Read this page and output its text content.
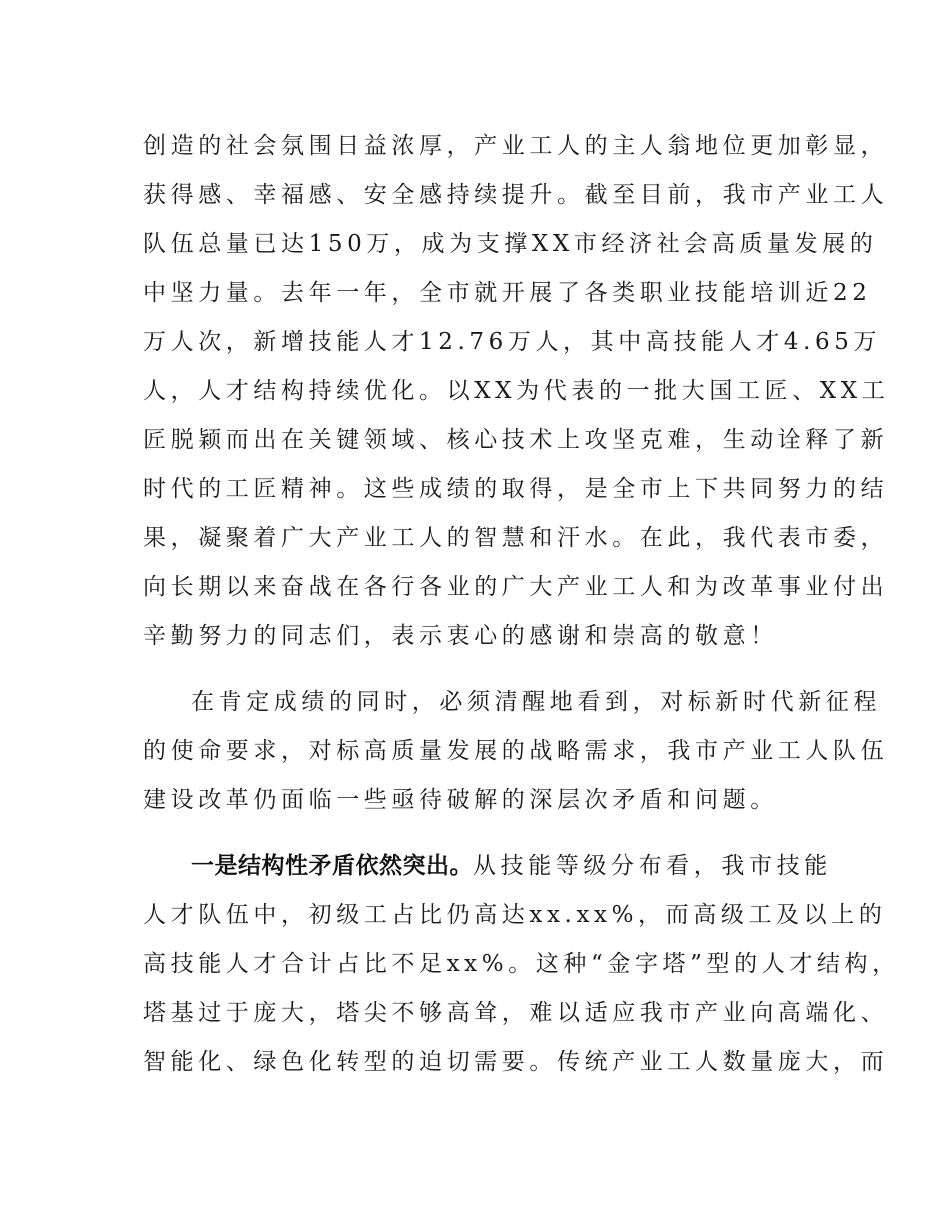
创造的社会氛围日益浓厚，产业工人的主人翁地位更加彰显，
获得感、幸福感、安全感持续提升。截至目前，我市产业工人
队伍总量已达150万，成为支撑XX市经济社会高质量发展的
中坚力量。去年一年，全市就开展了各类职业技能培训近22
万人次，新增技能人才12.76万人，其中高技能人才4.65万
人，人才结构持续优化。以XX为代表的一批大国工匠、XX工
匠脱颖而出在关键领域、核心技术上攻坚克难，生动诠释了新
时代的工匠精神。这些成绩的取得，是全市上下共同努力的结
果，凝聚着广大产业工人的智慧和汗水。在此，我代表市委，
向长期以来奋战在各行各业的广大产业工人和为改革事业付出
辛勤努力的同志们，表示衷心的感谢和崇高的敬意！
在肯定成绩的同时，必须清醒地看到，对标新时代新征程
的使命要求，对标高质量发展的战略需求，我市产业工人队伍
建设改革仍面临一些亟待破解的深层次矛盾和问题。
一是结构性矛盾依然突出。从技能等级分布看，我市技能
人才队伍中，初级工占比仍高达xx.xx%，而高级工及以上的
高技能人才合计占比不足xx%。这种“金字塔”型的人才结构，
塔基过于庞大，塔尖不够高耸，难以适应我市产业向高端化、
智能化、绿色化转型的迫切需要。传统产业工人数量庞大，而
